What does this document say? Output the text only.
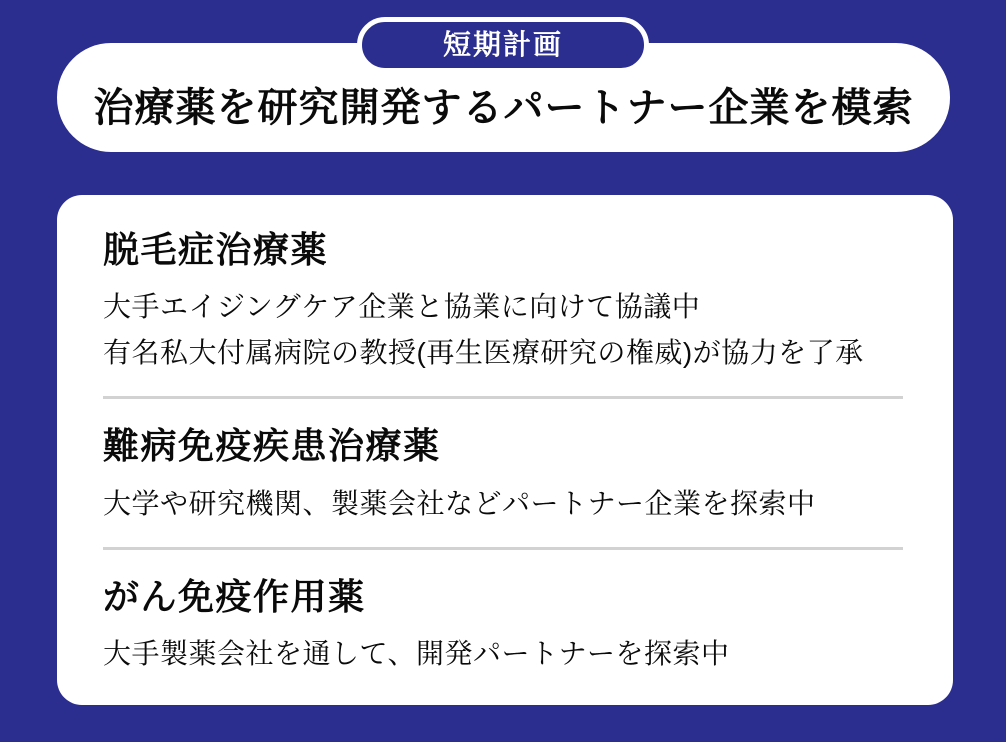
短期計画
治療薬を研究開発するパートナー企業を模索
脱毛症治療薬

大手エイジングケア企業と協業に向けて協議中

有名私大付属病院の教授(再生医療研究の権威)が協力を了承

難病免疫疾患治療薬

大学や研究機関、製薬会社などパートナー企業を探索中

がん免疫作用薬

大手製薬会社を通して、開発パートナーを探索中
